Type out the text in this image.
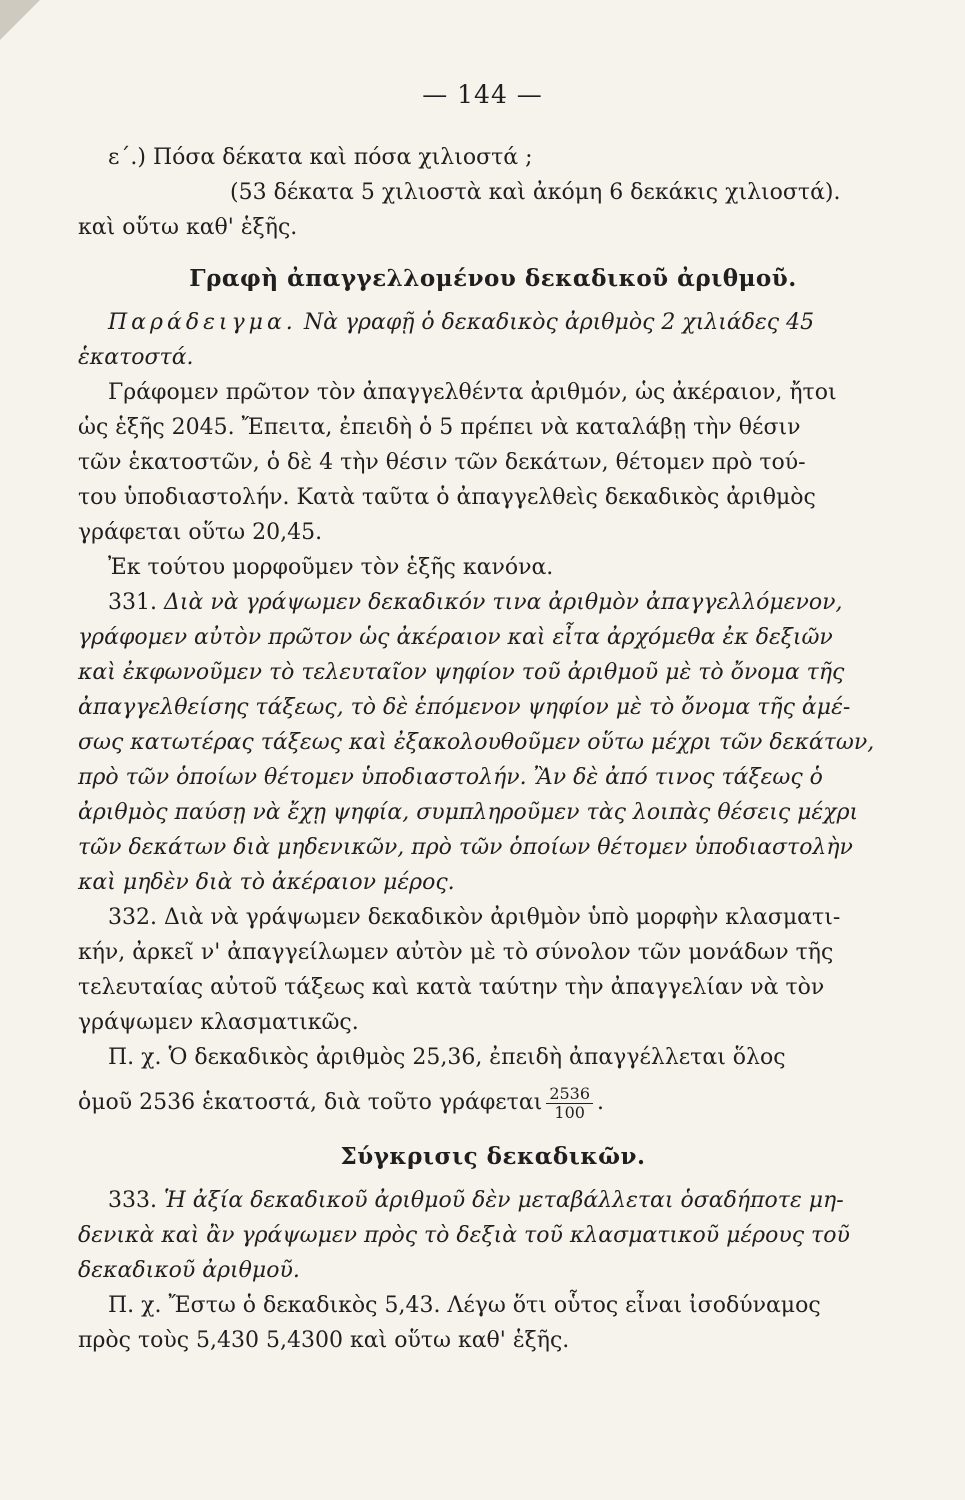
— 144 —
ε΄.) Πόσα δέκατα καὶ πόσα χιλιοστά ;
(53 δέκατα 5 χιλιοστὰ καὶ ἀκόμη 6 δεκάκις χιλιοστά).
καὶ οὕτω καθ' ἑξῆς.
Γραφὴ ἀπαγγελλομένου δεκαδικοῦ ἀριθμοῦ.
Παράδειγμα. Νὰ γραφῇ ὁ δεκαδικὸς ἀριθμὸς 2 χιλιάδες 45
ἑκατοστά.
Γράφομεν πρῶτον τὸν ἀπαγγελθέντα ἀριθμόν, ὡς ἀκέραιον, ἤτοι
ὡς ἑξῆς 2045. Ἔπειτα, ἐπειδὴ ὁ 5 πρέπει νὰ καταλάβῃ τὴν θέσιν
τῶν ἑκατοστῶν, ὁ δὲ 4 τὴν θέσιν τῶν δεκάτων, θέτομεν πρὸ τού-
του ὑποδιαστολήν. Κατὰ ταῦτα ὁ ἀπαγγελθεὶς δεκαδικὸς ἀριθμὸς
γράφεται οὕτω 20,45.
Ἐκ τούτου μορφοῦμεν τὸν ἑξῆς κανόνα.
331. Διὰ νὰ γράψωμεν δεκαδικόν τινα ἀριθμὸν ἀπαγγελλόμενον,
γράφομεν αὐτὸν πρῶτον ὡς ἀκέραιον καὶ εἶτα ἀρχόμεθα ἐκ δεξιῶν
καὶ ἐκφωνοῦμεν τὸ τελευταῖον ψηφίον τοῦ ἀριθμοῦ μὲ τὸ ὄνομα τῆς
ἀπαγγελθείσης τάξεως, τὸ δὲ ἑπόμενον ψηφίον μὲ τὸ ὄνομα τῆς ἀμέ-
σως κατωτέρας τάξεως καὶ ἐξακολουθοῦμεν οὕτω μέχρι τῶν δεκάτων,
πρὸ τῶν ὁποίων θέτομεν ὑποδιαστολήν. Ἂν δὲ ἀπό τινος τάξεως ὁ
ἀριθμὸς παύσῃ νὰ ἔχῃ ψηφία, συμπληροῦμεν τὰς λοιπὰς θέσεις μέχρι
τῶν δεκάτων διὰ μηδενικῶν, πρὸ τῶν ὁποίων θέτομεν ὑποδιαστολὴν
καὶ μηδὲν διὰ τὸ ἀκέραιον μέρος.
332. Διὰ νὰ γράψωμεν δεκαδικὸν ἀριθμὸν ὑπὸ μορφὴν κλασματι-
κήν, ἀρκεῖ ν' ἀπαγγείλωμεν αὐτὸν μὲ τὸ σύνολον τῶν μονάδων τῆς
τελευταίας αὐτοῦ τάξεως καὶ κατὰ ταύτην τὴν ἀπαγγελίαν νὰ τὸν
γράψωμεν κλασματικῶς.
Π. χ. Ὁ δεκαδικὸς ἀριθμὸς 25,36, ἐπειδὴ ἀπαγγέλλεται ὅλος
ὁμοῦ 2536 ἑκατοστά, διὰ τοῦτο γράφεται $\frac{2536}{100}$ .
Σύγκρισις δεκαδικῶν.
333. Ἡ ἀξία δεκαδικοῦ ἀριθμοῦ δὲν μεταβάλλεται ὁσαδήποτε μη-
δενικὰ καὶ ἂν γράψωμεν πρὸς τὸ δεξιὰ τοῦ κλασματικοῦ μέρους τοῦ
δεκαδικοῦ ἀριθμοῦ.
Π. χ. Ἔστω ὁ δεκαδικὸς 5,43. Λέγω ὅτι οὗτος εἶναι ἰσοδύναμος
πρὸς τοὺς 5,430 5,4300 καὶ οὕτω καθ' ἑξῆς.
